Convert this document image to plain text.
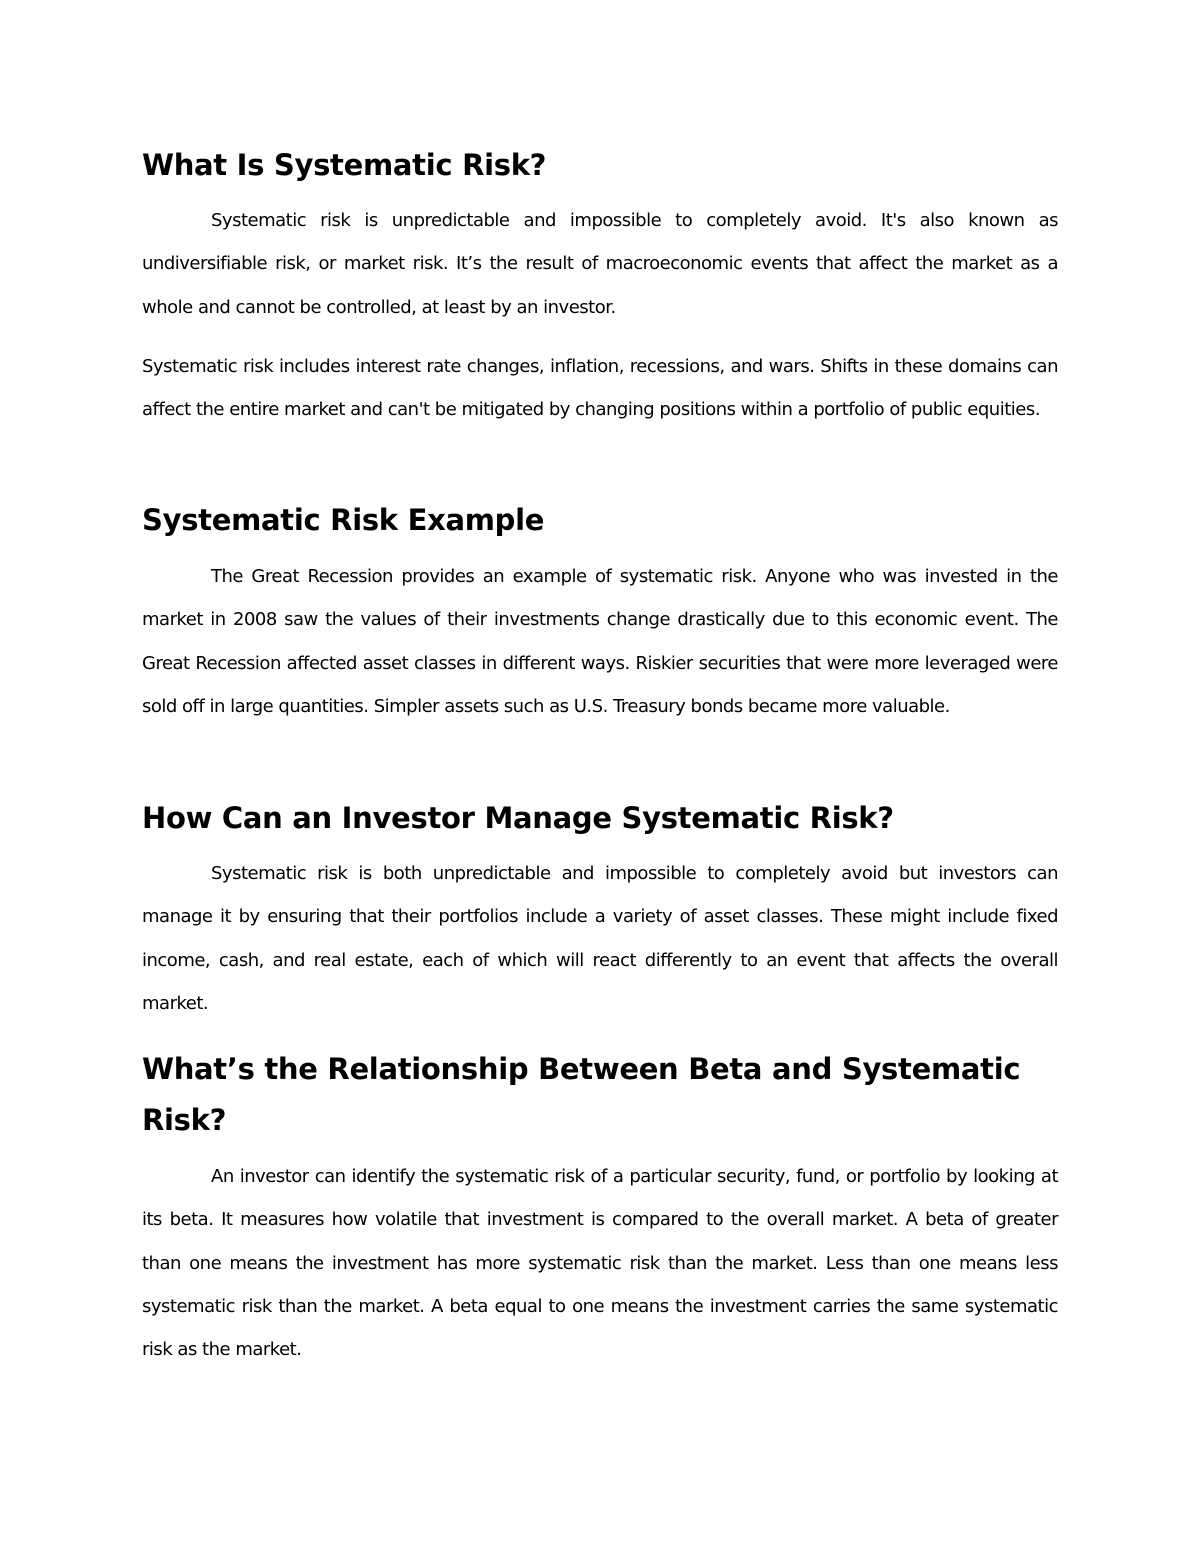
What Is Systematic Risk?

Systematic risk is unpredictable and impossible to completely avoid. It's also known as undiversifiable risk, or market risk. It’s the result of macroeconomic events that affect the market as a whole and cannot be controlled, at least by an investor.

Systematic risk includes interest rate changes, inflation, recessions, and wars. Shifts in these domains can affect the entire market and can't be mitigated by changing positions within a portfolio of public equities.

Systematic Risk Example

The Great Recession provides an example of systematic risk. Anyone who was invested in the market in 2008 saw the values of their investments change drastically due to this economic event. The Great Recession affected asset classes in different ways. Riskier securities that were more leveraged were sold off in large quantities. Simpler assets such as U.S. Treasury bonds became more valuable.

How Can an Investor Manage Systematic Risk?

Systematic risk is both unpredictable and impossible to completely avoid but investors can manage it by ensuring that their portfolios include a variety of asset classes. These might include fixed income, cash, and real estate, each of which will react differently to an event that affects the overall market.

What’s the Relationship Between Beta and Systematic Risk?

An investor can identify the systematic risk of a particular security, fund, or portfolio by looking at its beta. It measures how volatile that investment is compared to the overall market. A beta of greater than one means the investment has more systematic risk than the market. Less than one means less systematic risk than the market. A beta equal to one means the investment carries the same systematic risk as the market.
